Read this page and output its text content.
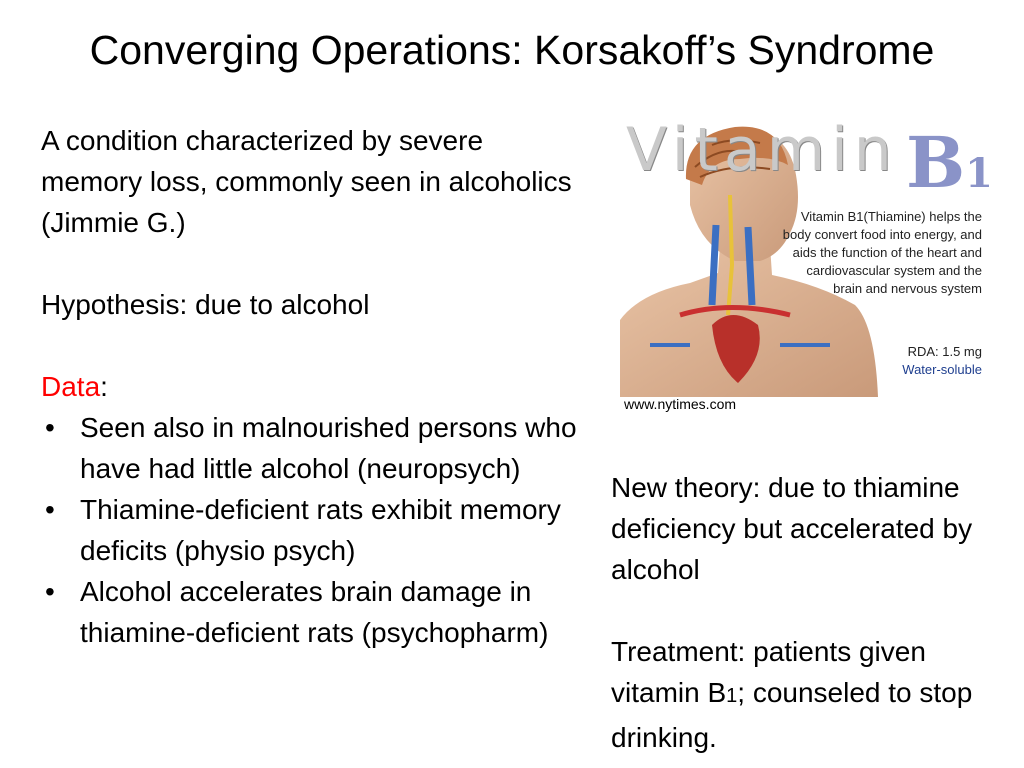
Converging Operations: Korsakoff’s Syndrome

A condition characterized by severe memory loss, commonly seen in alcoholics (Jimmie G.)

Hypothesis: due to alcohol

Data:

• Seen also in malnourished persons who have had little alcohol (neuropsych)
• Thiamine-deficient rats exhibit memory deficits (physio psych)
• Alcohol accelerates brain damage in thiamine-deficient rats (psychopharm)
Vitamin B1
Vitamin B1(Thiamine) helps the body convert food into energy, and aids the function of the heart and cardiovascular system and the brain and nervous system
RDA: 1.5 mg
Water-soluble
www.nytimes.com

New theory: due to thiamine deficiency but accelerated by alcohol

Treatment: patients given vitamin B1; counseled to stop drinking.
